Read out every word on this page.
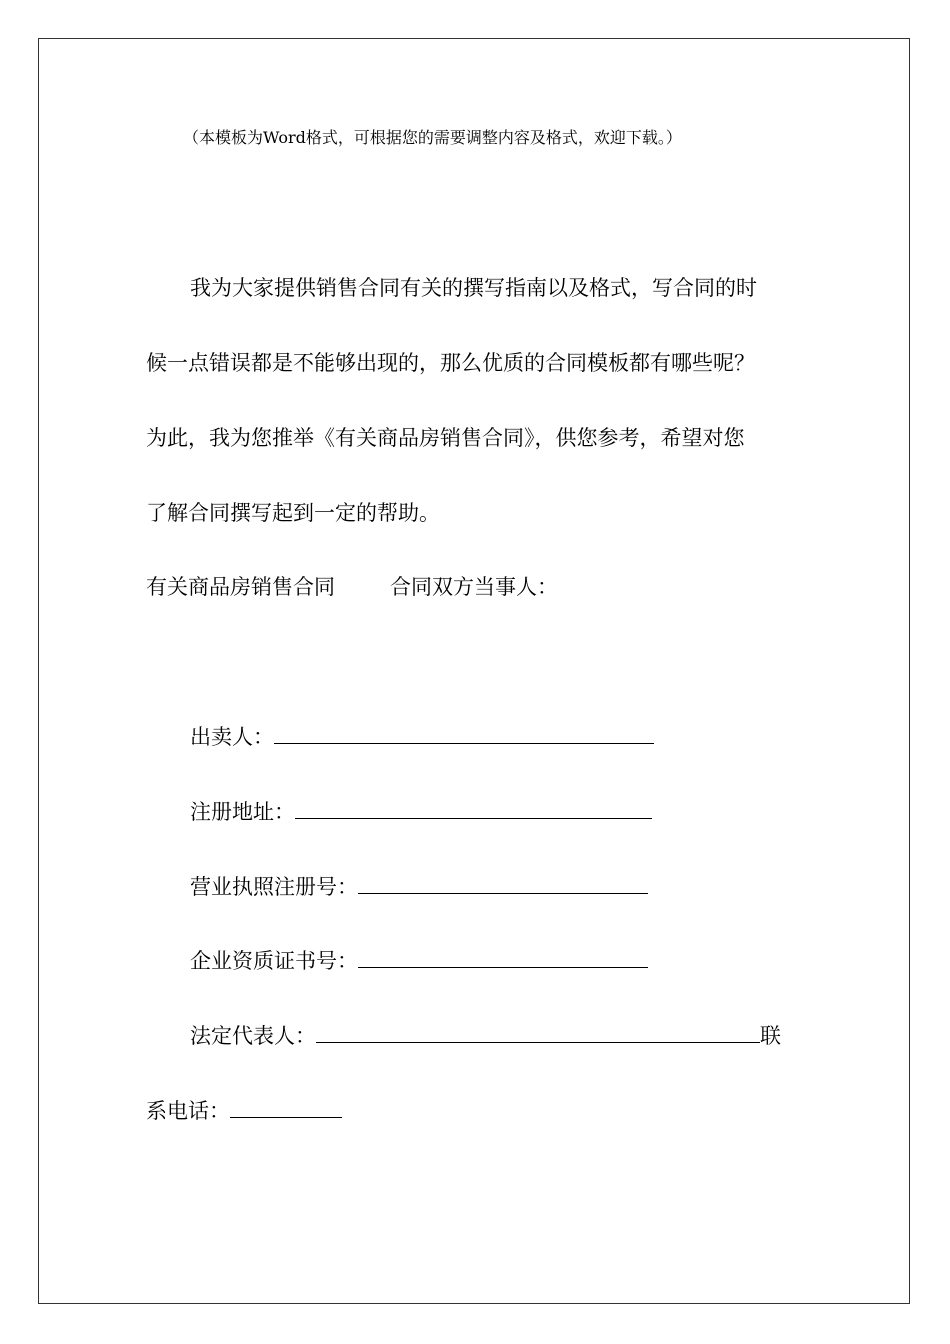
（本模板为Word格式，可根据您的需要调整内容及格式，欢迎下载。）
我为大家提供销售合同有关的撰写指南以及格式，写合同的时
候一点错误都是不能够出现的，那么优质的合同模板都有哪些呢？
为此，我为您推举《有关商品房销售合同》，供您参考，希望对您
了解合同撰写起到一定的帮助。
有关商品房销售合同	合同双方当事人：
出卖人：
注册地址：
营业执照注册号：
企业资质证书号：
法定代表人：	联
系电话：
